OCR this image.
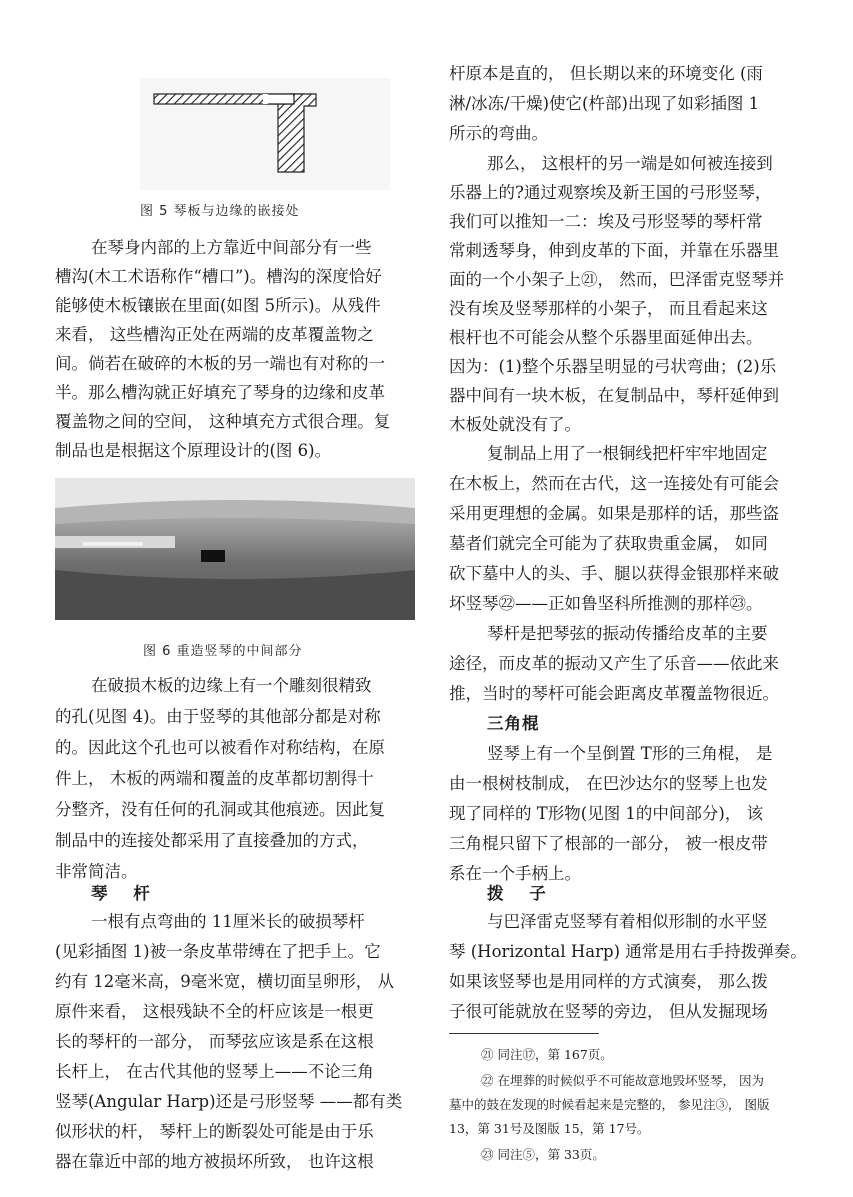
图 5 琴板与边缘的嵌接处
在琴身内部的上方靠近中间部分有一些
槽沟(木工术语称作“槽口”)。槽沟的深度恰好
能够使木板镶嵌在里面(如图 5所示)。从残件
来看， 这些槽沟正处在两端的皮革覆盖物之
间。倘若在破碎的木板的另一端也有对称的一
半。那么槽沟就正好填充了琴身的边缘和皮革
覆盖物之间的空间， 这种填充方式很合理。复
制品也是根据这个原理设计的(图 6)。
图 6 重造竖琴的中间部分
在破损木板的边缘上有一个雕刻很精致
的孔(见图 4)。由于竖琴的其他部分都是对称
的。因此这个孔也可以被看作对称结构，在原
件上， 木板的两端和覆盖的皮革都切割得十
分整齐，没有任何的孔洞或其他痕迹。因此复
制品中的连接处都采用了直接叠加的方式，
非常简洁。
琴 杆
一根有点弯曲的 11厘米长的破损琴杆
(见彩插图 1)被一条皮革带缚在了把手上。它
约有 12毫米高，9毫米宽，横切面呈卵形， 从
原件来看， 这根残缺不全的杆应该是一根更
长的琴杆的一部分， 而琴弦应该是系在这根
长杆上， 在古代其他的竖琴上——不论三角
竖琴(Angular Harp)还是弓形竖琴 ——都有类
似形状的杆， 琴杆上的断裂处可能是由于乐
器在靠近中部的地方被损坏所致， 也许这根
杆原本是直的， 但长期以来的环境变化 (雨
淋/冰冻/干燥)使它(杵部)出现了如彩插图 1
所示的弯曲。
那么， 这根杆的另一端是如何被连接到
乐器上的?通过观察埃及新王国的弓形竖琴，
我们可以推知一二：埃及弓形竖琴的琴杆常
常刺透琴身，伸到皮革的下面，并靠在乐器里
面的一个小架子上㉑， 然而，巴泽雷克竖琴并
没有埃及竖琴那样的小架子， 而且看起来这
根杆也不可能会从整个乐器里面延伸出去。
因为：(1)整个乐器呈明显的弓状弯曲；(2)乐
器中间有一块木板，在复制品中，琴杆延伸到
木板处就没有了。
复制品上用了一根铜线把杆牢牢地固定
在木板上，然而在古代，这一连接处有可能会
采用更理想的金属。如果是那样的话，那些盗
墓者们就完全可能为了获取贵重金属， 如同
砍下墓中人的头、手、腿以获得金银那样来破
坏竖琴㉒——正如鲁坚科所推测的那样㉓。
琴杆是把琴弦的振动传播给皮革的主要
途径，而皮革的振动又产生了乐音——依此来
推，当时的琴杆可能会距离皮革覆盖物很近。
三角棍
竖琴上有一个呈倒置 T形的三角棍， 是
由一根树枝制成， 在巴沙达尔的竖琴上也发
现了同样的 T形物(见图 1的中间部分)， 该
三角棍只留下了根部的一部分， 被一根皮带
系在一个手柄上。
拨 子
与巴泽雷克竖琴有着相似形制的水平竖
琴 (Horizontal Harp) 通常是用右手持拨弹奏。
如果该竖琴也是用同样的方式演奏， 那么拨
子很可能就放在竖琴的旁边， 但从发掘现场
㉑ 同注⑰，第 167页。
㉒ 在埋葬的时候似乎不可能故意地毁坏竖琴， 因为
墓中的鼓在发现的时候看起来是完整的， 参见注③， 图版
13，第 31号及图版 15，第 17号。
㉓ 同注⑤，第 33页。
